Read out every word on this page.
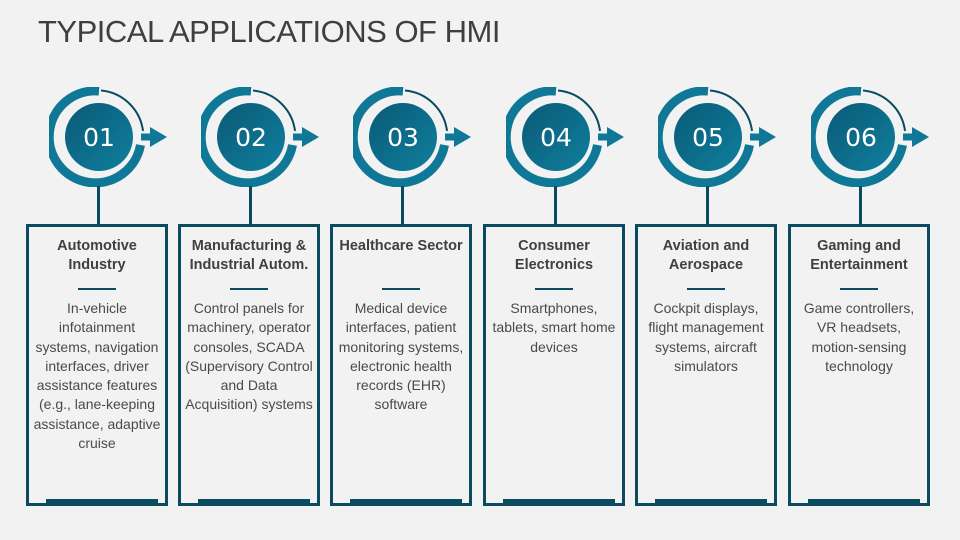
TYPICAL APPLICATIONS OF HMI
01
Automotive Industry
In-vehicle infotainment systems, navigation interfaces, driver assistance features (e.g., lane-keeping assistance, adaptive cruise
02
Manufacturing & Industrial Autom.
Control panels for machinery, operator consoles, SCADA (Supervisory Control and Data Acquisition) systems
03
Healthcare Sector
Medical device interfaces, patient monitoring systems, electronic health records (EHR) software
04
Consumer Electronics
Smartphones, tablets, smart home devices
05
Aviation and Aerospace
Cockpit displays, flight management systems, aircraft simulators
06
Gaming and Entertainment
Game controllers, VR headsets, motion-sensing technology
